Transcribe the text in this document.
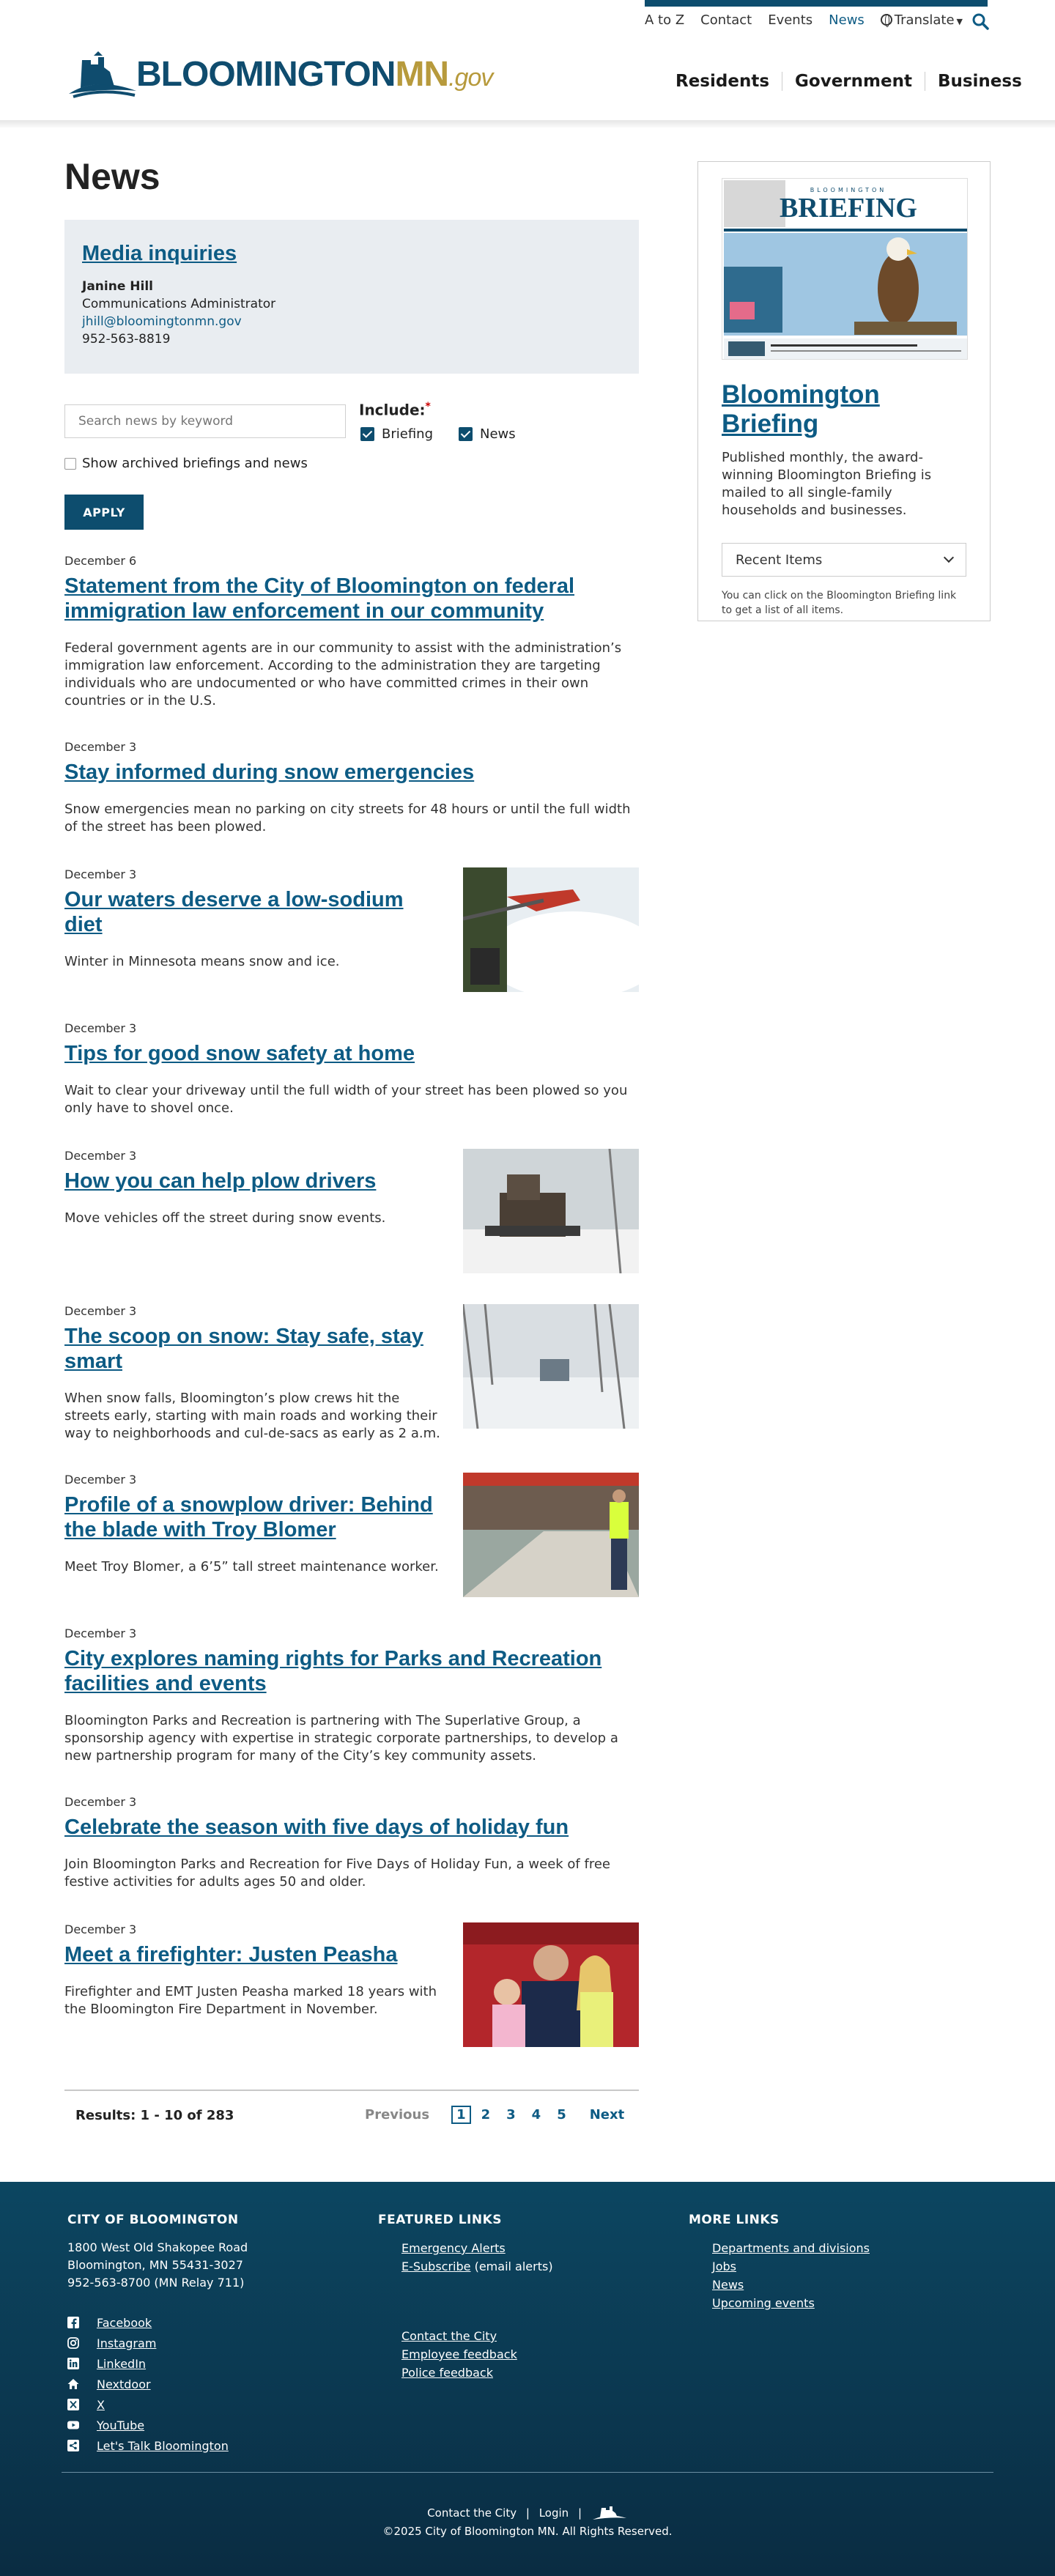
A to Z Contact Events News	Translate ▼
BLOOMINGTONMN.gov	Residents	Government	Business
News
Media inquiries
Janine Hill
Communications Administrator
jhill@bloomingtonmn.gov
952-563-8819
Search news by keyword
Include:*
Briefing	News
Show archived briefings and news
APPLY
December 6
Statement from the City of Bloomington on federal immigration law enforcement in our community
Federal government agents are in our community to assist with the administration’s immigration law enforcement. According to the administration they are targeting individuals who are undocumented or who have committed crimes in their own countries or in the U.S.
December 3
Stay informed during snow emergencies
Snow emergencies mean no parking on city streets for 48 hours or until the full width of the street has been plowed.
December 3
Our waters deserve a low-sodium diet
Winter in Minnesota means snow and ice.
December 3
Tips for good snow safety at home
Wait to clear your driveway until the full width of your street has been plowed so you only have to shovel once.
December 3
How you can help plow drivers
Move vehicles off the street during snow events.
December 3
The scoop on snow: Stay safe, stay smart
When snow falls, Bloomington’s plow crews hit the streets early, starting with main roads and working their way to neighborhoods and cul-de-sacs as early as 2 a.m.
December 3
Profile of a snowplow driver: Behind the blade with Troy Blomer
Meet Troy Blomer, a 6’5” tall street maintenance worker.
December 3
City explores naming rights for Parks and Recreation facilities and events
Bloomington Parks and Recreation is partnering with The Superlative Group, a sponsorship agency with expertise in strategic corporate partnerships, to develop a new partnership program for many of the City’s key community assets.
December 3
Celebrate the season with five days of holiday fun
Join Bloomington Parks and Recreation for Five Days of Holiday Fun, a week of free festive activities for adults ages 50 and older.
December 3
Meet a firefighter: Justen Peasha
Firefighter and EMT Justen Peasha marked 18 years with the Bloomington Fire Department in November.
Results: 1 - 10 of 283	Previous	1	2 3 4 5 Next
BLOOMINGTON
BRIEFING
Bloomington Briefing

Published monthly, the award-winning Bloomington Briefing is mailed to all single-family households and businesses.

Recent Items

You can click on the Bloomington Briefing link to get a list of all items.

CITY OF BLOOMINGTON
1800 West Old Shakopee Road
Bloomington, MN 55431-3027
952-563-8700 (MN Relay 711)
Facebook
Instagram
LinkedIn
Nextdoor
X
YouTube
Let's Talk Bloomington
FEATURED LINKS
Emergency Alerts
E-Subscribe (email alerts)
Contact the City
Employee feedback
Police feedback
MORE LINKS
Departments and divisions
Jobs
News
Upcoming events
Contact the City | Login |
©2025 City of Bloomington MN. All Rights Reserved.
